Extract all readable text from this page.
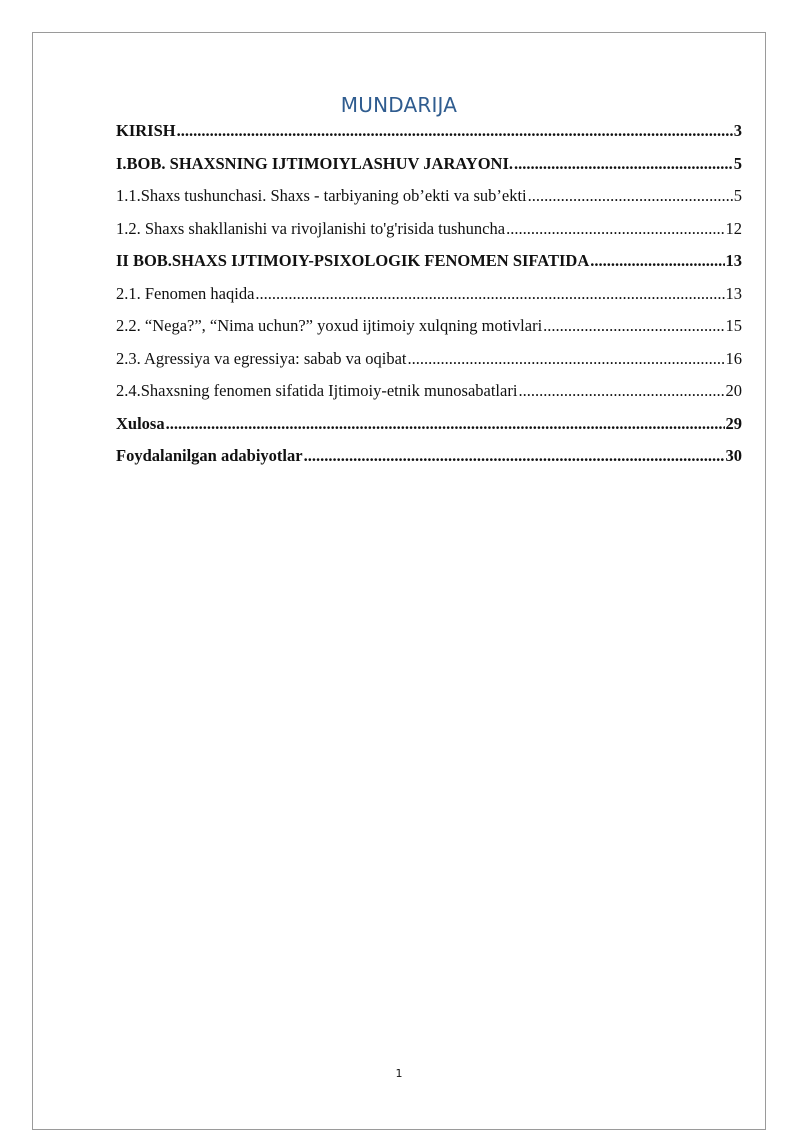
MUNDARIJA
KIRISH .....	3
I.BOB. SHAXSNING IJTIMOIYLASHUV JARAYONI. .....	5
1.1.Shaxs tushunchasi. Shaxs - tarbiyaning ob’ekti va sub’ekti .....	5
1.2. Shaxs shakllanishi va rivojlanishi to'g'risida tushuncha .....	12
II BOB.SHAXS IJTIMOIY-PSIXOLOGIK FENOMEN SIFATIDA .....	13
2.1. Fenomen haqida .....	13
2.2. “Nega?”, “Nima uchun?” yoxud ijtimoiy xulqning motivlari .....	15
2.3. Agressiya va egressiya: sabab va oqibat .....	16
2.4.Shaxsning fenomen sifatida Ijtimoiy-etnik munosabatlari .....	20
Xulosa .....	29
Foydalanilgan adabiyotlar .....	30
1
